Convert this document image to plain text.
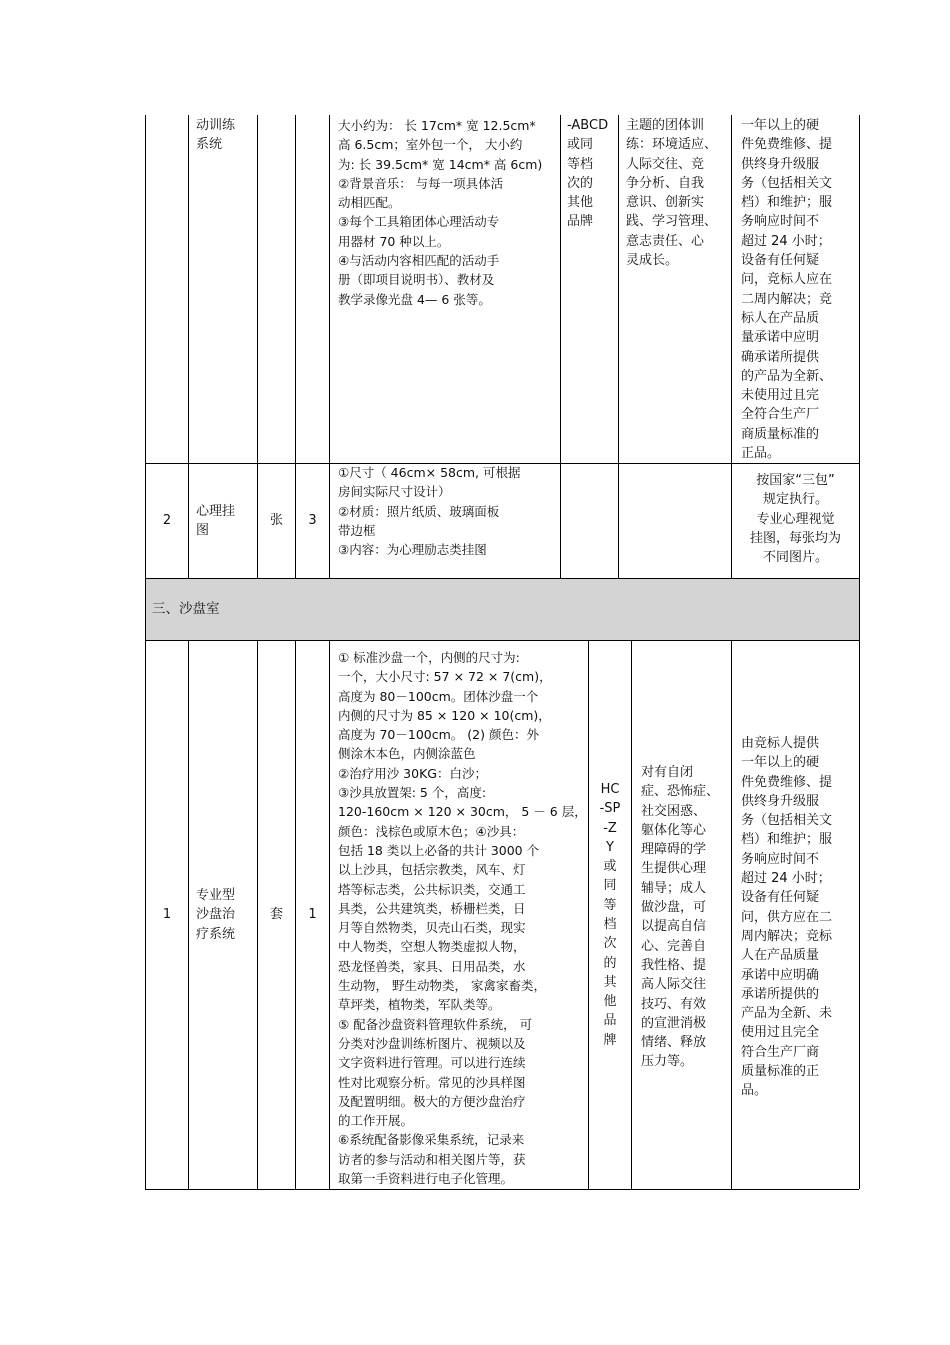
动训练
系统
大小约为： 长 17cm* 宽 12.5cm*
高 6.5cm；室外包一个， 大小约
为: 长 39.5cm* 宽 14cm* 高 6cm)
②背景音乐： 与每一项具体活
动相匹配。
③每个工具箱团体心理活动专
用器材 70 种以上。
④与活动内容相匹配的活动手
册（即项目说明书）、教材及
教学录像光盘 4— 6 张等。
-ABCD
或同
等档
次的
其他
品牌
主题的团体训
练：环境适应、
人际交往、竞
争分析、自我
意识、创新实
践、学习管理、
意志责任、心
灵成长。
一年以上的硬
件免费维修、提
供终身升级服
务（包括相关文
档）和维护；服
务响应时间不
超过 24 小时；
设备有任何疑
问，竞标人应在
二周内解决；竞
标人在产品质
量承诺中应明
确承诺所提供
的产品为全新、
未使用过且完
全符合生产厂
商质量标准的
正品。
2
心理挂
图
张	3
①尺寸（ 46cm× 58cm, 可根据
房间实际尺寸设计）
②材质：照片纸质、玻璃面板
带边框
③内容：为心理励志类挂图
按国家“三包”
规定执行。
专业心理视觉
挂图，每张均为
不同图片。
三、沙盘室
1
专业型
沙盘治
疗系统
套	1
① 标准沙盘一个，内侧的尺寸为:
一个，大小尺寸: 57 × 72 × 7(cm)，
高度为 80－100cm。团体沙盘一个
内侧的尺寸为 85 × 120 × 10(cm)，
高度为 70－100cm。 (2) 颜色：外
侧涂木本色，内侧涂蓝色
②治疗用沙 30KG：白沙；
③沙具放置架: 5 个，高度:
120-160cm × 120 × 30cm， 5 － 6 层，
颜色：浅棕色或原木色；④沙具：
包括 18 类以上必备的共计 3000 个
以上沙具，包括宗教类，风车、灯
塔等标志类，公共标识类，交通工
具类，公共建筑类，桥栅栏类，日
月等自然物类，贝壳山石类，现实
中人物类，空想人物类虚拟人物，
恐龙怪兽类，家具、日用品类，水
生动物， 野生动物类， 家禽家畜类，
草坪类，植物类，军队类等。
⑤ 配备沙盘资料管理软件系统， 可
分类对沙盘训练析图片、视频以及
文字资料进行管理。可以进行连续
性对比观察分析。常见的沙具样图
及配置明细。极大的方便沙盘治疗
的工作开展。
⑥系统配备影像采集系统，记录来
访者的参与活动和相关图片等，获
取第一手资料进行电子化管理。
HC
-SP
-Z
Y
或
同
等
档
次
的
其
他
品
牌
对有自闭
症、恐怖症、
社交困惑、
躯体化等心
理障碍的学
生提供心理
辅导；成人
做沙盘，可
以提高自信
心、完善自
我性格、提
高人际交往
技巧、有效
的宣泄消极
情绪、释放
压力等。
由竞标人提供
一年以上的硬
件免费维修、提
供终身升级服
务（包括相关文
档）和维护；服
务响应时间不
超过 24 小时；
设备有任何疑
问，供方应在二
周内解决；竞标
人在产品质量
承诺中应明确
承诺所提供的
产品为全新、未
使用过且完全
符合生产厂商
质量标准的正
品。
